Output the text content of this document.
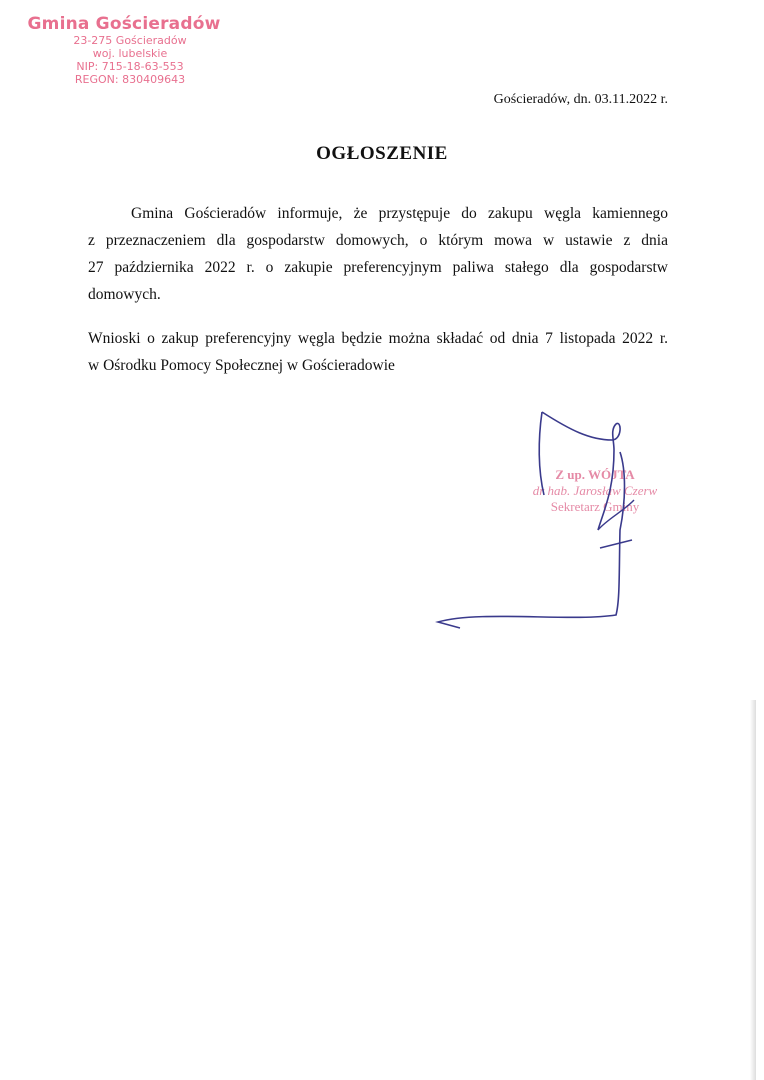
Gmina Gościeradów
23-275 Gościeradów
woj. lubelskie
NIP: 715-18-63-553
REGON: 830409643
Gościeradów, dn. 03.11.2022 r.
OGŁOSZENIE
Gmina Gościeradów informuje, że przystępuje do zakupu węgla kamiennego
z przeznaczeniem dla gospodarstw domowych, o którym mowa w ustawie z dnia
27 października 2022 r. o zakupie preferencyjnym paliwa stałego dla gospodarstw
domowych.
Wnioski o zakup preferencyjny węgla będzie można składać od dnia 7 listopada 2022 r.
w Ośrodku Pomocy Społecznej w Gościeradowie
Z up. WÓJTA
dr hab. Jarosław Czerw
Sekretarz Gminy
